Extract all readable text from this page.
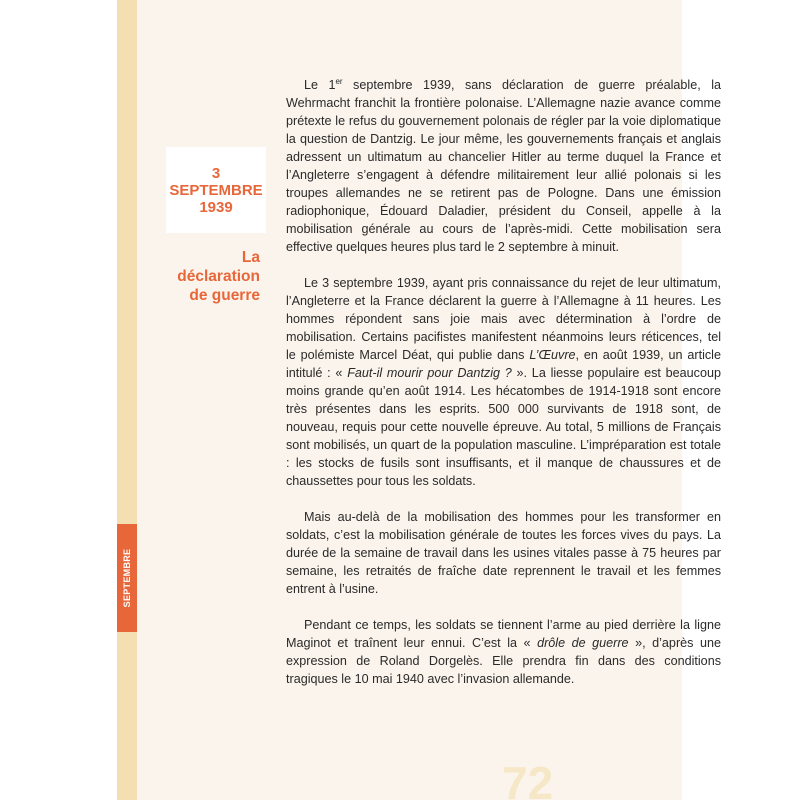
SEPTEMBRE
3
SEPTEMBRE
1939
La
déclaration
de guerre

Le 1er septembre 1939, sans déclaration de guerre préalable, la Wehrmacht franchit la frontière polonaise. L’Allemagne nazie avance comme prétexte le refus du gouvernement polonais de régler par la voie diplomatique la question de Dantzig. Le jour même, les gouvernements français et anglais adressent un ultimatum au chancelier Hitler au terme duquel la France et l’Angleterre s’engagent à défendre militairement leur allié polonais si les troupes allemandes ne se retirent pas de Pologne. Dans une émission radiophonique, Édouard Daladier, président du Conseil, appelle à la mobilisation générale au cours de l’après-midi. Cette mobilisation sera effective quelques heures plus tard le 2 septembre à minuit.

Le 3 septembre 1939, ayant pris connaissance du rejet de leur ultimatum, l’Angleterre et la France déclarent la guerre à l’Allemagne à 11 heures. Les hommes répondent sans joie mais avec détermination à l’ordre de mobilisation. Certains pacifistes manifestent néanmoins leurs réticences, tel le polémiste Marcel Déat, qui publie dans L’Œuvre, en août 1939, un article intitulé : « Faut-il mourir pour Dantzig ? ». La liesse populaire est beaucoup moins grande qu’en août 1914. Les hécatombes de 1914-1918 sont encore très présentes dans les esprits. 500 000 survivants de 1918 sont, de nouveau, requis pour cette nouvelle épreuve. Au total, 5 millions de Français sont mobilisés, un quart de la population masculine. L’impréparation est totale : les stocks de fusils sont insuffisants, et il manque de chaussures et de chaussettes pour tous les soldats.

Mais au-delà de la mobilisation des hommes pour les transformer en soldats, c’est la mobilisation générale de toutes les forces vives du pays. La durée de la semaine de travail dans les usines vitales passe à 75 heures par semaine, les retraités de fraîche date reprennent le travail et les femmes entrent à l’usine.

Pendant ce temps, les soldats se tiennent l’arme au pied derrière la ligne Maginot et traînent leur ennui. C’est la « drôle de guerre », d’après une expression de Roland Dorgelès. Elle prendra fin dans des conditions tragiques le 10 mai 1940 avec l’invasion allemande.

72
